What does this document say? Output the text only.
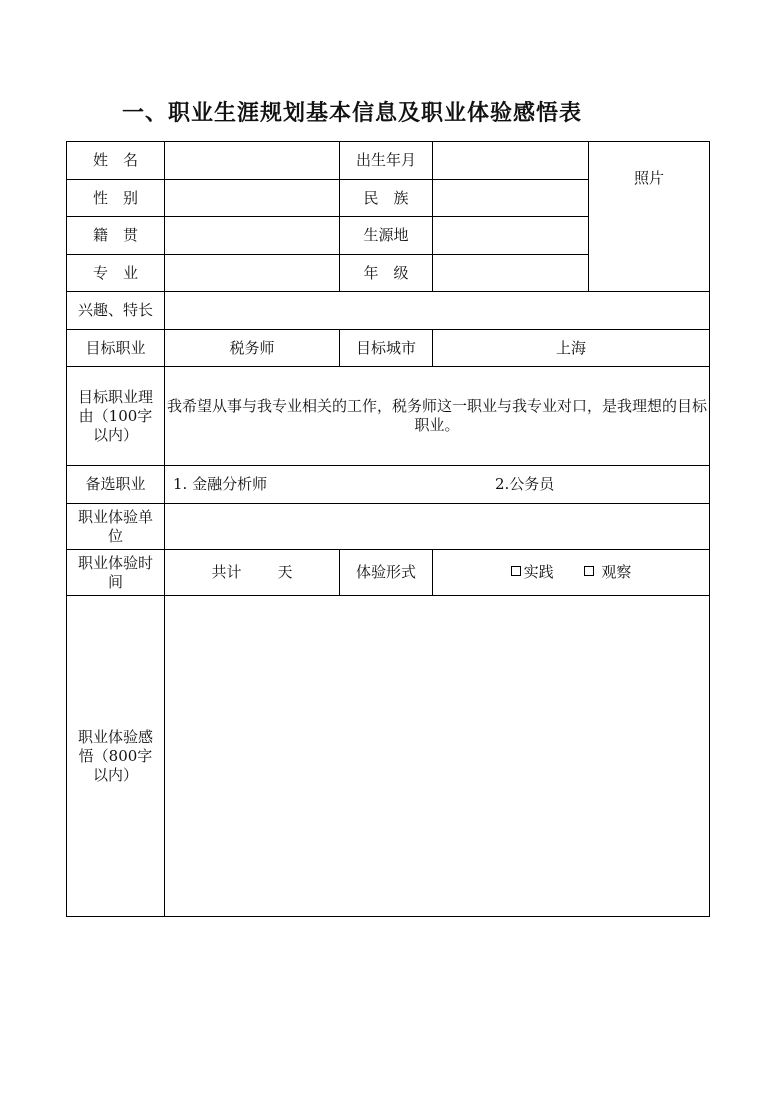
一、职业生涯规划基本信息及职业体验感悟表
姓　名		出生年月		照片
性　别		民　族		
籍　贯		生源地		
专　业		年　级		
兴趣、特长				
目标职业	税务师	目标城市	上海	
目标职业理由（100字以内）	我希望从事与我专业相关的工作，税务师这一职业与我专业对口，是我理想的目标职业。			
备选职业	1. 金融分析师 2.公务员			

职业体验单位				
职业体验时间	共计 天	体验形式	实践 观察	
职业体验感悟（800字以内）				
